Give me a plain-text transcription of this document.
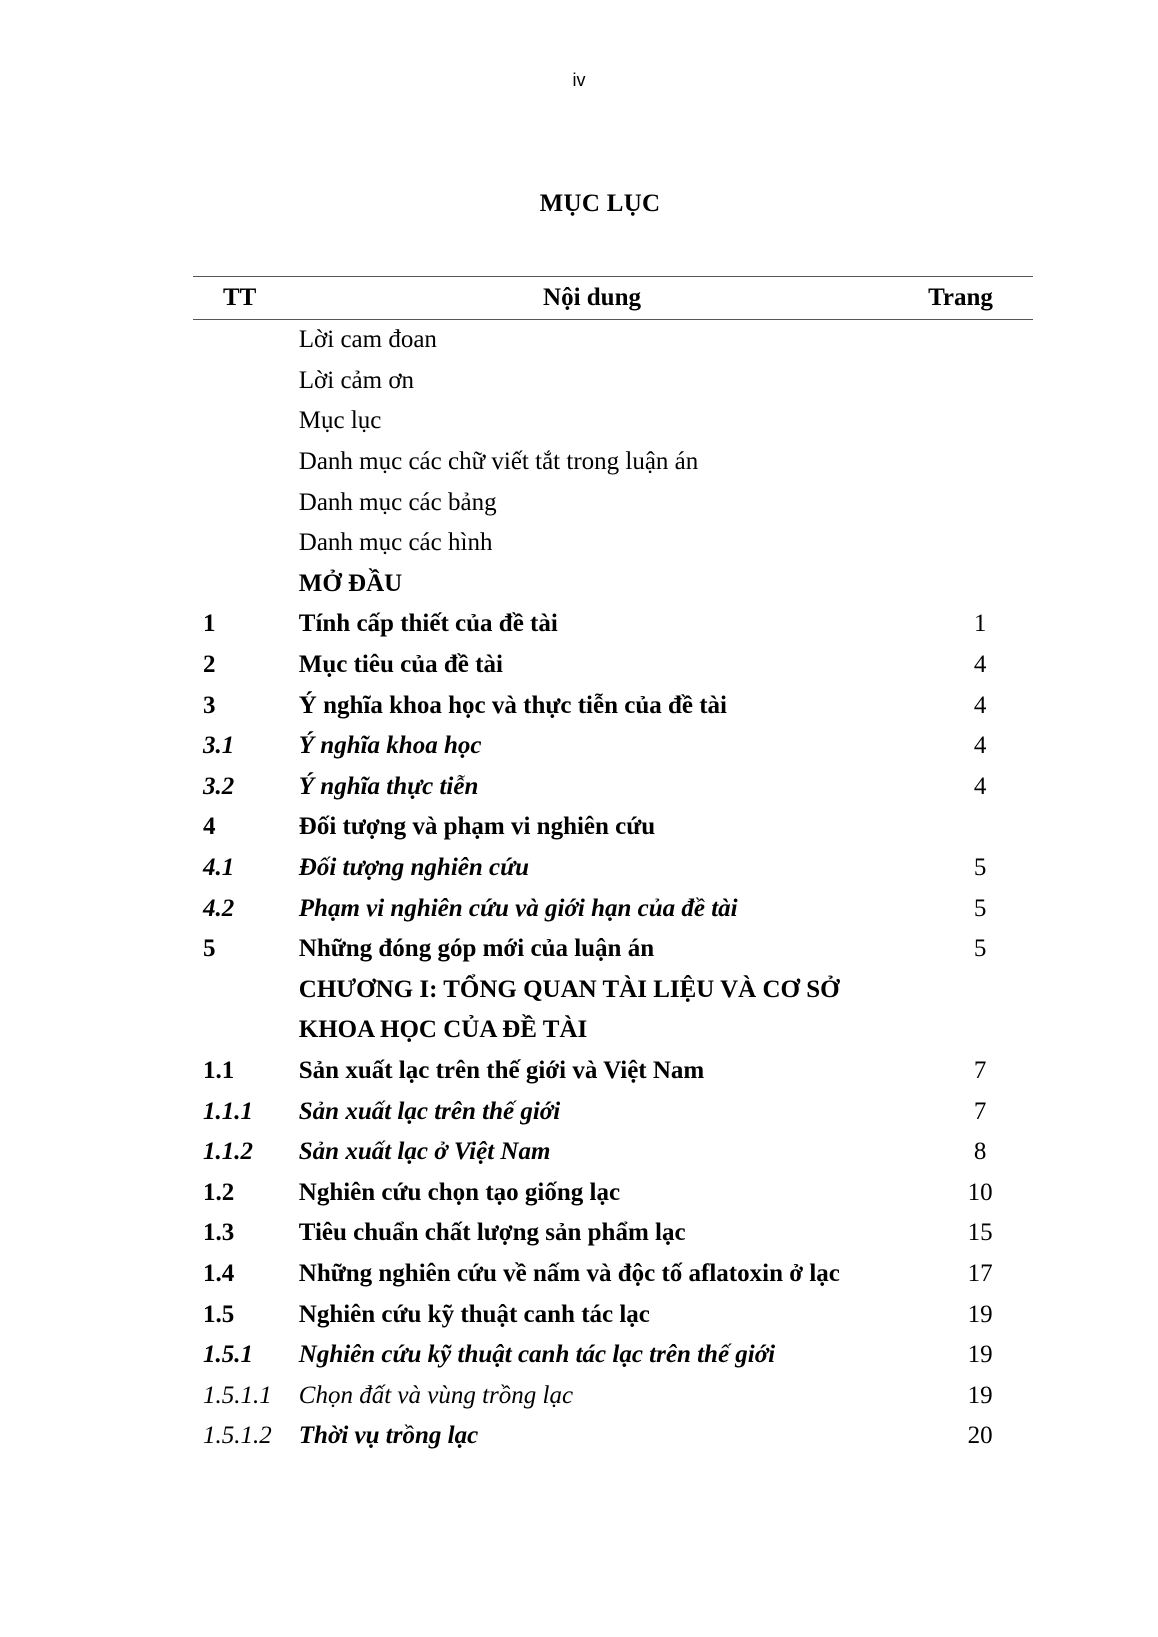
iv
MỤC LỤC
TT	Nội dung	Trang
Lời cam đoan
Lời cảm ơn
Mục lục
Danh mục các chữ viết tắt trong luận án
Danh mục các bảng
Danh mục các hình
MỞ ĐẦU
1	Tính cấp thiết của đề tài	1
2	Mục tiêu của đề tài	4
3	Ý nghĩa khoa học và thực tiễn của đề tài	4
3.1	Ý nghĩa khoa học	4
3.2	Ý nghĩa thực tiễn	4
4	Đối tượng và phạm vi nghiên cứu
4.1	Đối tượng nghiên cứu	5
4.2	Phạm vi nghiên cứu và giới hạn của đề tài	5
5	Những đóng góp mới của luận án	5
CHƯƠNG I: TỔNG QUAN TÀI LIỆU VÀ CƠ SỞ
KHOA HỌC CỦA ĐỀ TÀI
1.1	Sản xuất lạc trên thế giới và Việt Nam	7
1.1.1	Sản xuất lạc trên thế giới	7
1.1.2	Sản xuất lạc ở Việt Nam	8
1.2	Nghiên cứu chọn tạo giống lạc	10
1.3	Tiêu chuẩn chất lượng sản phẩm lạc	15
1.4	Những nghiên cứu về nấm và độc tố aflatoxin ở lạc	17
1.5	Nghiên cứu kỹ thuật canh tác lạc	19
1.5.1	Nghiên cứu kỹ thuật canh tác lạc trên thế giới	19
1.5.1.1	Chọn đất và vùng trồng lạc	19
1.5.1.2	Thời vụ trồng lạc	20
